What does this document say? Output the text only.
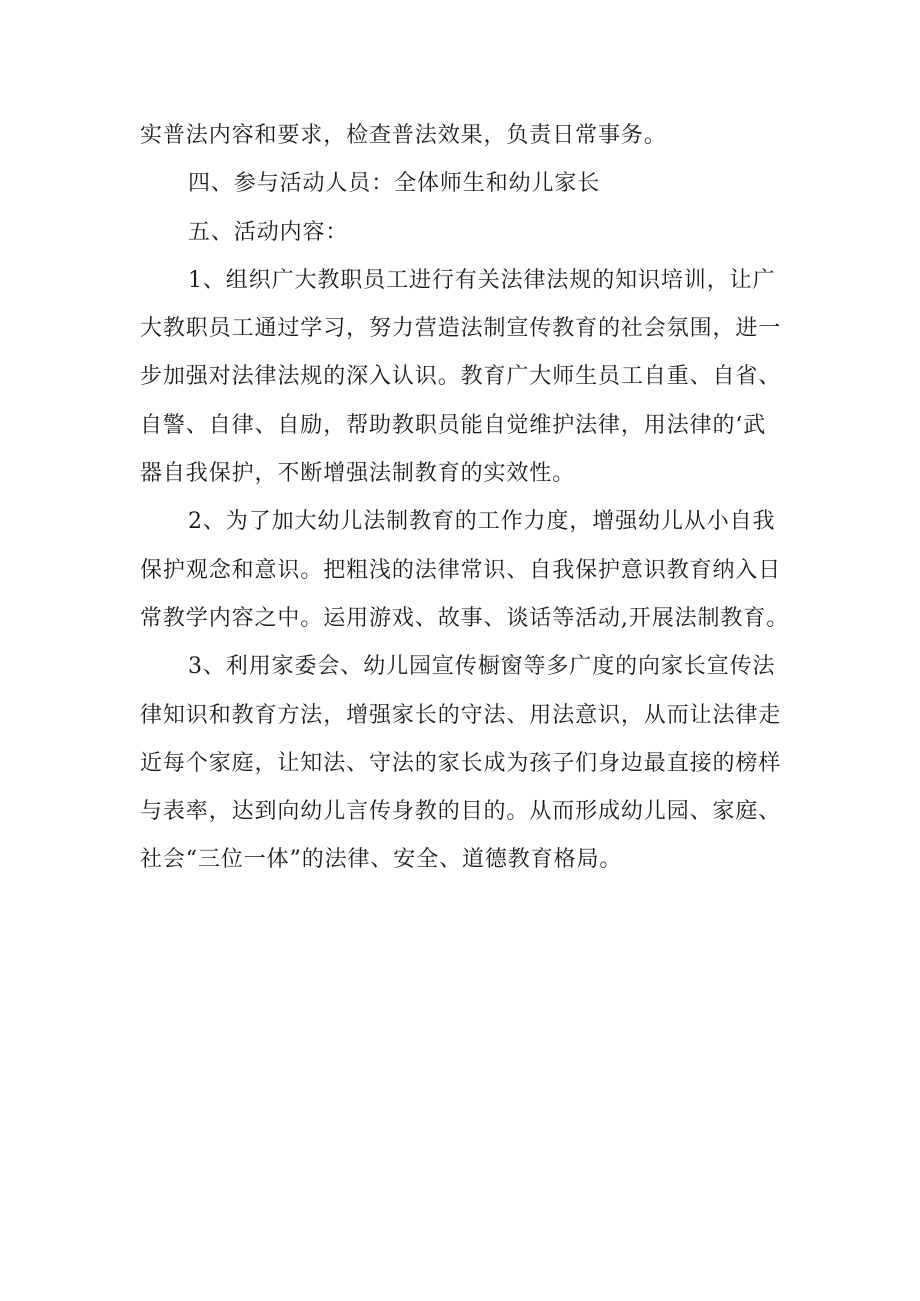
实普法内容和要求，检查普法效果，负责日常事务。
四、参与活动人员：全体师生和幼儿家长
五、活动内容：
1、组织广大教职员工进行有关法律法规的知识培训，让广
大教职员工通过学习，努力营造法制宣传教育的社会氛围，进一
步加强对法律法规的深入认识。教育广大师生员工自重、自省、
自警、自律、自励，帮助教职员能自觉维护法律，用法律的‘武
器自我保护，不断增强法制教育的实效性。
2、为了加大幼儿法制教育的工作力度，增强幼儿从小自我
保护观念和意识。把粗浅的法律常识、自我保护意识教育纳入日
常教学内容之中。运用游戏、故事、谈话等活动,开展法制教育。
3、利用家委会、幼儿园宣传橱窗等多广度的向家长宣传法
律知识和教育方法，增强家长的守法、用法意识，从而让法律走
近每个家庭，让知法、守法的家长成为孩子们身边最直接的榜样
与表率，达到向幼儿言传身教的目的。从而形成幼儿园、家庭、
社会“三位一体”的法律、安全、道德教育格局。
